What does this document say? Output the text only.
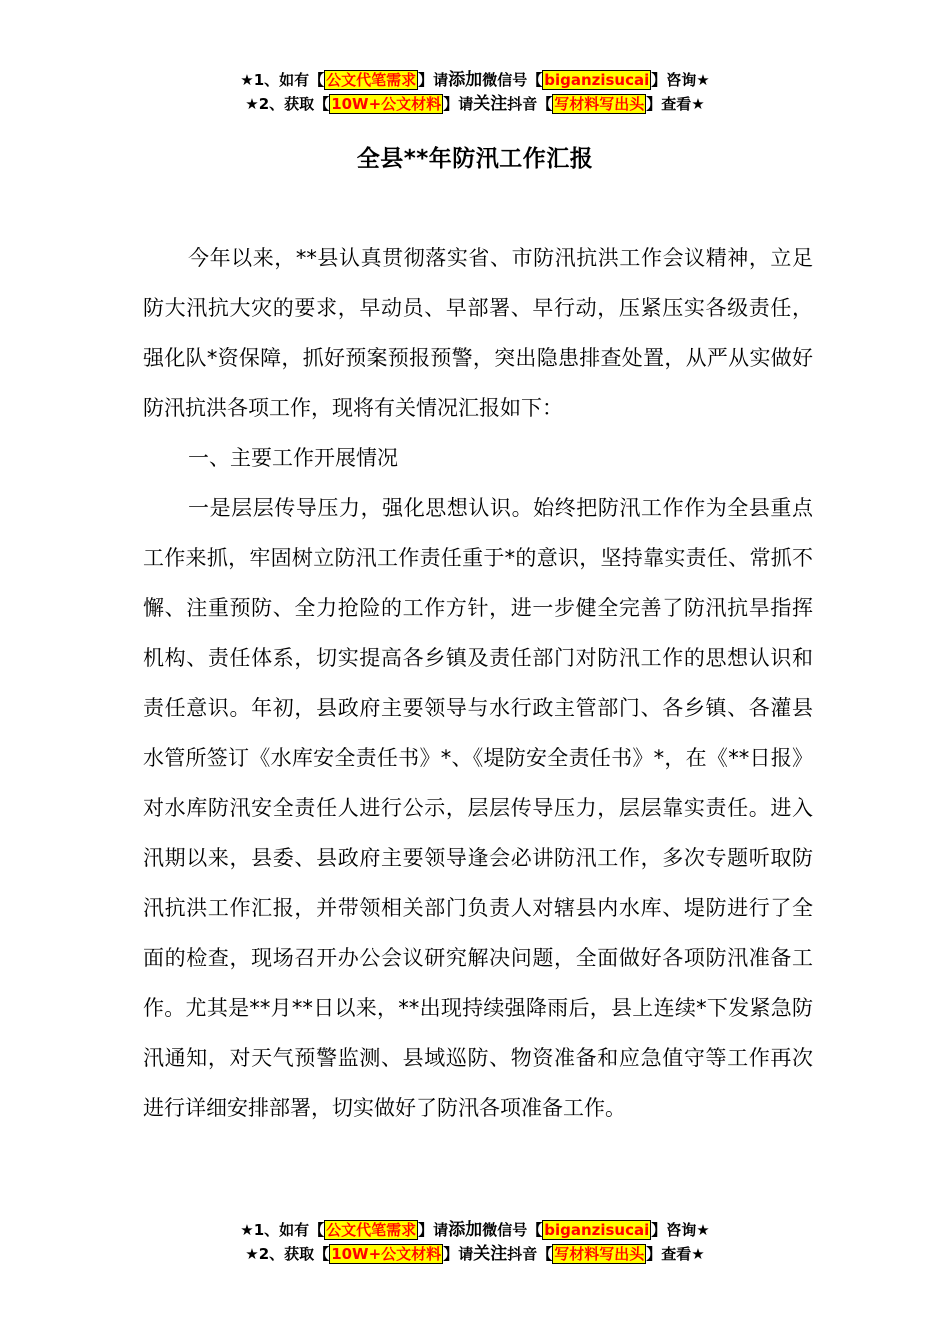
★1、如有【 公文代笔需求 】请添加微信号【 biganzisucai 】咨询★
★2、获取【 10W+公文材料 】请关注抖音【 写材料写出头 】查看★
全县**年防汛工作汇报

今年以来，**县认真贯彻落实省、市防汛抗洪工作会议精神，立足防大汛抗大灾的要求，早动员、早部署、早行动，压紧压实各级责任，强化队*资保障，抓好预案预报预警，突出隐患排查处置，从严从实做好防汛抗洪各项工作，现将有关情况汇报如下：

一、主要工作开展情况

一是层层传导压力，强化思想认识。始终把防汛工作作为全县重点工作来抓，牢固树立防汛工作责任重于*的意识，坚持靠实责任、常抓不懈、注重预防、全力抢险的工作方针，进一步健全完善了防汛抗旱指挥机构、责任体系，切实提高各乡镇及责任部门对防汛工作的思想认识和责任意识。年初，县政府主要领导与水行政主管部门、各乡镇、各灌县水管所签订《水库安全责任书》*、《堤防安全责任书》*，在《**日报》对水库防汛安全责任人进行公示，层层传导压力，层层靠实责任。进入汛期以来，县委、县政府主要领导逢会必讲防汛工作，多次专题听取防汛抗洪工作汇报，并带领相关部门负责人对辖县内水库、堤防进行了全面的检查，现场召开办公会议研究解决问题，全面做好各项防汛准备工作。尤其是**月**日以来，**出现持续强降雨后，县上连续*下发紧急防汛通知，对天气预警监测、县域巡防、物资准备和应急值守等工作再次进行详细安排部署，切实做好了防汛各项准备工作。

★1、如有【 公文代笔需求 】请添加微信号【 biganzisucai 】咨询★
★2、获取【 10W+公文材料 】请关注抖音【 写材料写出头 】查看★
